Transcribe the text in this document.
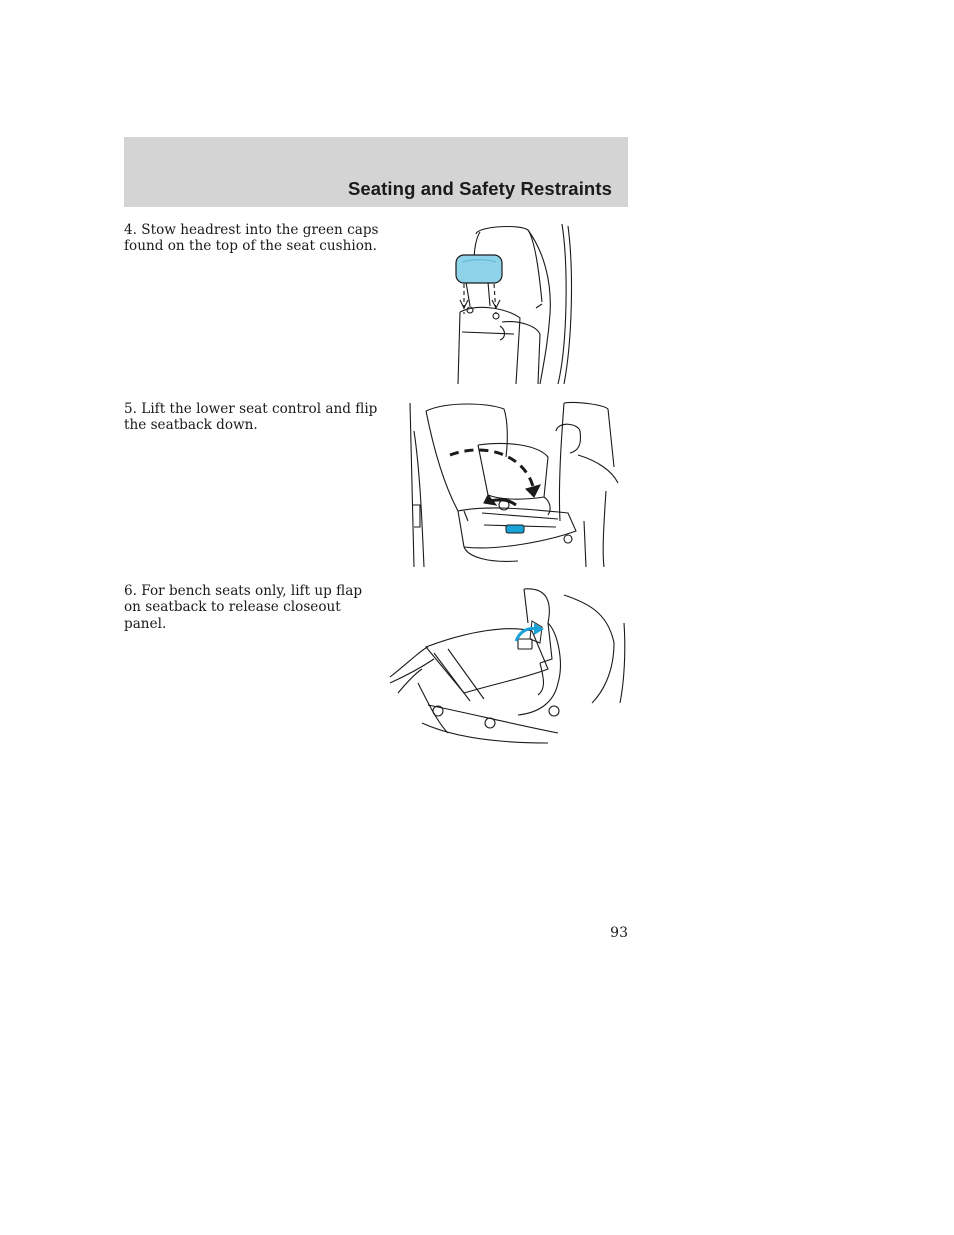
Seating and Safety Restraints
4. Stow headrest into the green caps found on the top of the seat cushion.
5. Lift the lower seat control and flip the seatback down.
6. For bench seats only, lift up flap on seatback to release closeout panel.
93
